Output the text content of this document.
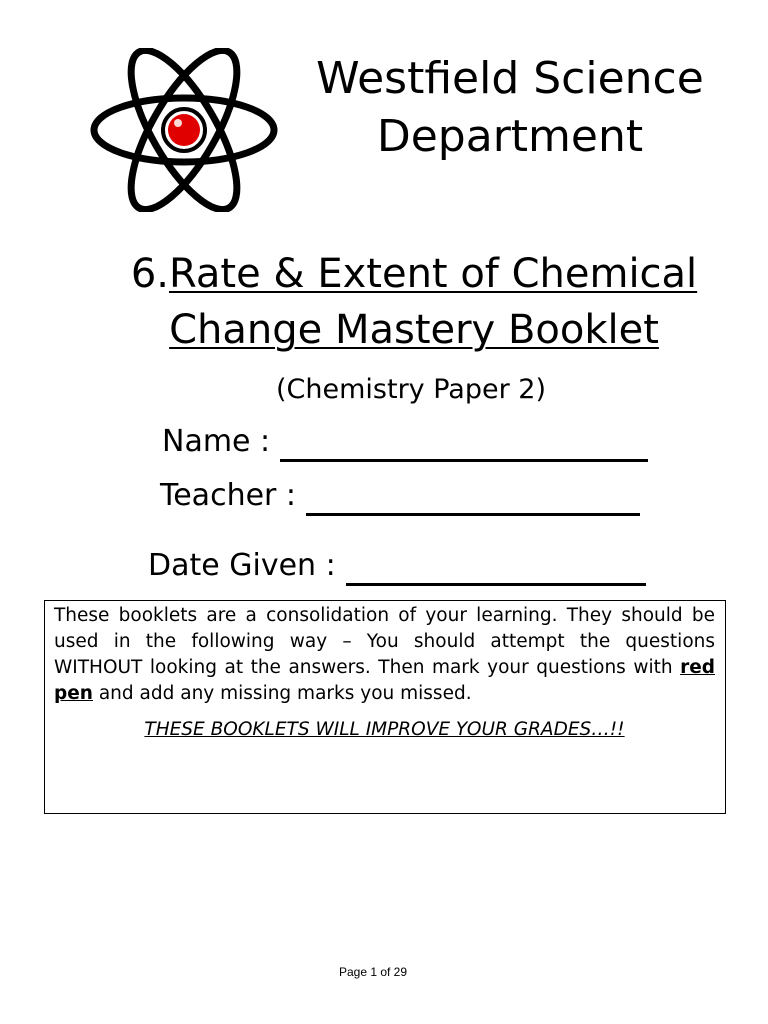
Westfield Science Department
6.Rate & Extent of Chemical Change Mastery Booklet
(Chemistry Paper 2)
Name :
Teacher :
Date Given :

These booklets are a consolidation of your learning. They should be used in the following way – You should attempt the questions WITHOUT looking at the answers. Then mark your questions with red pen and add any missing marks you missed.

THESE BOOKLETS WILL IMPROVE YOUR GRADES…!!

Page 1 of 29
